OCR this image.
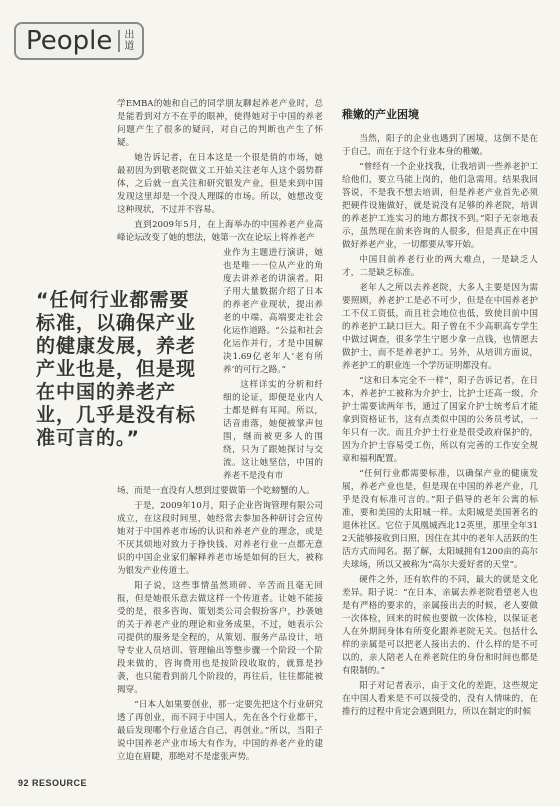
People	出
道
“任何行业都需要标准，以确保产业的健康发展，养老产业也是，但是现在中国的养老产业，几乎是没有标准可言的。”

学EMBA的她和自己的同学朋友聊起养老产业时，总是能看到对方不在乎的眼神，使得她对于中国的养老问题产生了很多的疑问，对自己的判断也产生了怀疑。

她告诉记者，在日本这是一个很是俏的市场，她最初因为到敬老院做义工开始关注老年人这个弱势群体，之后就一直关注和研究银发产业，但是来到中国发现这里却是一个没人理睬的市场。所以，她想改变这种现状，不过并不容易。

直到2009年5月，在上海举办的中国养老产业高峰论坛改变了她的想法，她第一次在论坛上将养老产

业作为主题进行演讲，她也是唯一一位从产业的角度去讲养老的讲演者。阳子用大量数据介绍了日本的养老产业现状，提出养老的中端、高端要走社会化运作道路。“公益和社会化运作并行，才是中国解决1.69亿老年人‘老有所养’的可行之路。”

这样详实的分析和纤细的论证，即便是业内人士都是鲜有耳闻。所以，话音甫落，她便被掌声包围，继而被更多人的围绕，只为了跟她探讨与交流。这让她坚信，中国的养老不是没有市

场，而是一直没有人想到过要做第一个吃螃蟹的人。

于是，2009年10月，阳子企业咨询管理有限公司成立，在这段时间里，她经常去参加各种研讨会宣传她对于中国养老市场的认识和养老产业的理念，或是不厌其烦地对致力于挣快钱、对养老行业一点都无意识的中国企业家们解释养老市场是如何的巨大，被称为银发产业传道士。

阳子说，这些事情虽然琐碎、辛苦而且毫无回报，但是她很乐意去做这样一个传道者。让她不能接受的是，很多咨询、策划类公司会假扮客户，抄袭她的关于养老产业的理论和业务成果，不过，她表示公司提供的服务是全程的，从策划、服务产品设计，培导专业人员培训、管理输出等整步骤一个阶段一个阶段来做的，咨询费用也是按阶段收取的，就算是抄袭，也只能看到前几个阶段的，再往后，往往都能被揭穿。

“日本人如果要创业，那一定要先把这个行业研究透了再创业，而不同于中国人，先在各个行业都干，最后发现哪个行业适合自己，再创业。”所以，当阳子说中国养老产业市场大有作为，中国的养老产业的建立迫在眉睫，那绝对不是虚张声势。

稚嫩的产业困境

当然，阳子的企业也遇到了困境，这倒不是在于自己，而在于这个行业本身的稚嫩。

“曾经有一个企业找我，让我培训一些养老护工给他们，要立马能上岗的，他们急需用。结果我回答说，不是我不想去培训，但是养老产业首先必须把硬件设施做好，就是说没有足够的养老院，培训的养老护工连实习的地方都找不到。”阳子无奈地表示，虽然现在前来咨询的人很多，但是真正在中国做好养老产业，一切都要从零开始。

中国目前养老行业的两大难点，一是缺乏人才，二是缺乏标准。

老年人之所以去养老院，大多人主要是因为需要照顾，养老护工是必不可少，但是在中国养老护工不仅工资低，而且社会地位也低，致使目前中国的养老护工缺口巨大。阳子曾在不少高职高专学生中做过调查，很多学生宁愿少拿一点钱，也情愿去做护士，而不是养老护工。另外，从培训方面说，养老护工的职业连一个学历证明都没有。

“这和日本完全不一样”，阳子告诉记者，在日本，养老护工被称为介护士，比护士还高一级，介护士需要读两年书，通过了国家介护士统考后才能拿到资格证书，这有点类似中国的公务员考试，一年只有一次。而且介护士行业是很受政府保护的，因为介护士容易受工伤，所以有完善的工作安全规章和福利配置。

“任何行业都需要标准，以确保产业的健康发展，养老产业也是，但是现在中国的养老产业，几乎是没有标准可言的。”阳子倡导的老年公寓的标准，要和美国的太阳城一样。太阳城是美国著名的退休社区。它位于凤凰城西北12英里，那里全年312天能够接收到日照，因住在其中的老年人活跃的生活方式而闻名。据了解，太阳城拥有1200亩的高尔夫球场，所以又被称为“高尔夫爱好者的天堂”。

硬件之外，还有软件的不同，最大的就是文化差异。阳子说：“在日本，亲属去养老院看望老人也是有严格的要求的，亲属接出去的时候，老人要做一次体检，回来的时候也要做一次体检，以保证老人在外期间身体有所变化跟养老院无关。包括什么样的亲属是可以把老人接出去的、什么样的是不可以的，亲人陪老人在养老院住的身份和时间也都是有限制的。”

阳子对记者表示，由于文化的差距，这些规定在中国人看来是不可以接受的，没有人情味的，在推行的过程中肯定会遇到阻力，所以在制定的时候

92 RESOURCE
